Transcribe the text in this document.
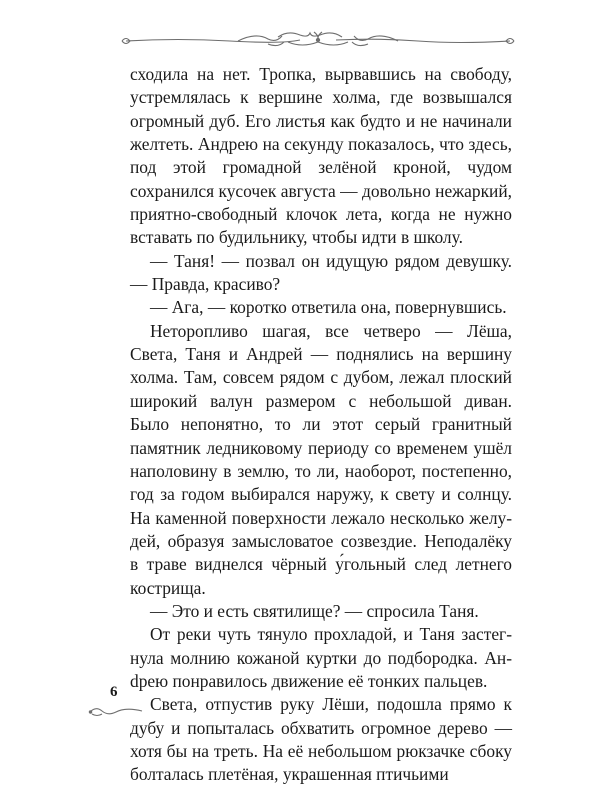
сходила на нет. Тропка, вырвавшись на свободу, устремлялась к вершине холма, где возвышался огромный дуб. Его листья как будто и не начинали желтеть. Андрею на секунду показалось, что здесь, под этой громадной зелёной кроной, чудом сохранился кусочек августа — довольно нежаркий, приятно-свободный клочок лета, когда не нужно вставать по будильнику, чтобы идти в школу.

— Таня! — позвал он идущую рядом девушку. — Правда, красиво?

— Ага, — коротко ответила она, повернувшись.

Неторопливо шагая, все четверо — Лёша, Света, Таня и Андрей — поднялись на вершину холма. Там, совсем рядом с дубом, лежал плоский широкий валун размером с небольшой диван. Было непонятно, то ли этот серый гранитный памятник ледниковому периоду со временем ушёл наполовину в землю, то ли, наоборот, постепенно, год за годом выбирался наружу, к свету и солнцу. На каменной поверхности лежало несколько желудей, образуя замысловатое созвездие. Неподалёку в траве виднелся чёрный у́гольный след летнего кострища.

— Это и есть святилище? — спросила Таня.

От реки чуть тянуло прохладой, и Таня застегнула молнию кожаной куртки до подбородка. Анdрею понравилось движение её тонких пальцев.

Света, отпустив руку Лёши, подошла прямо к дубу и попыталась обхватить огромное дерево — хотя бы на треть. На её небольшом рюкзачке сбоку болталась плетёная, украшенная птичьими

6
